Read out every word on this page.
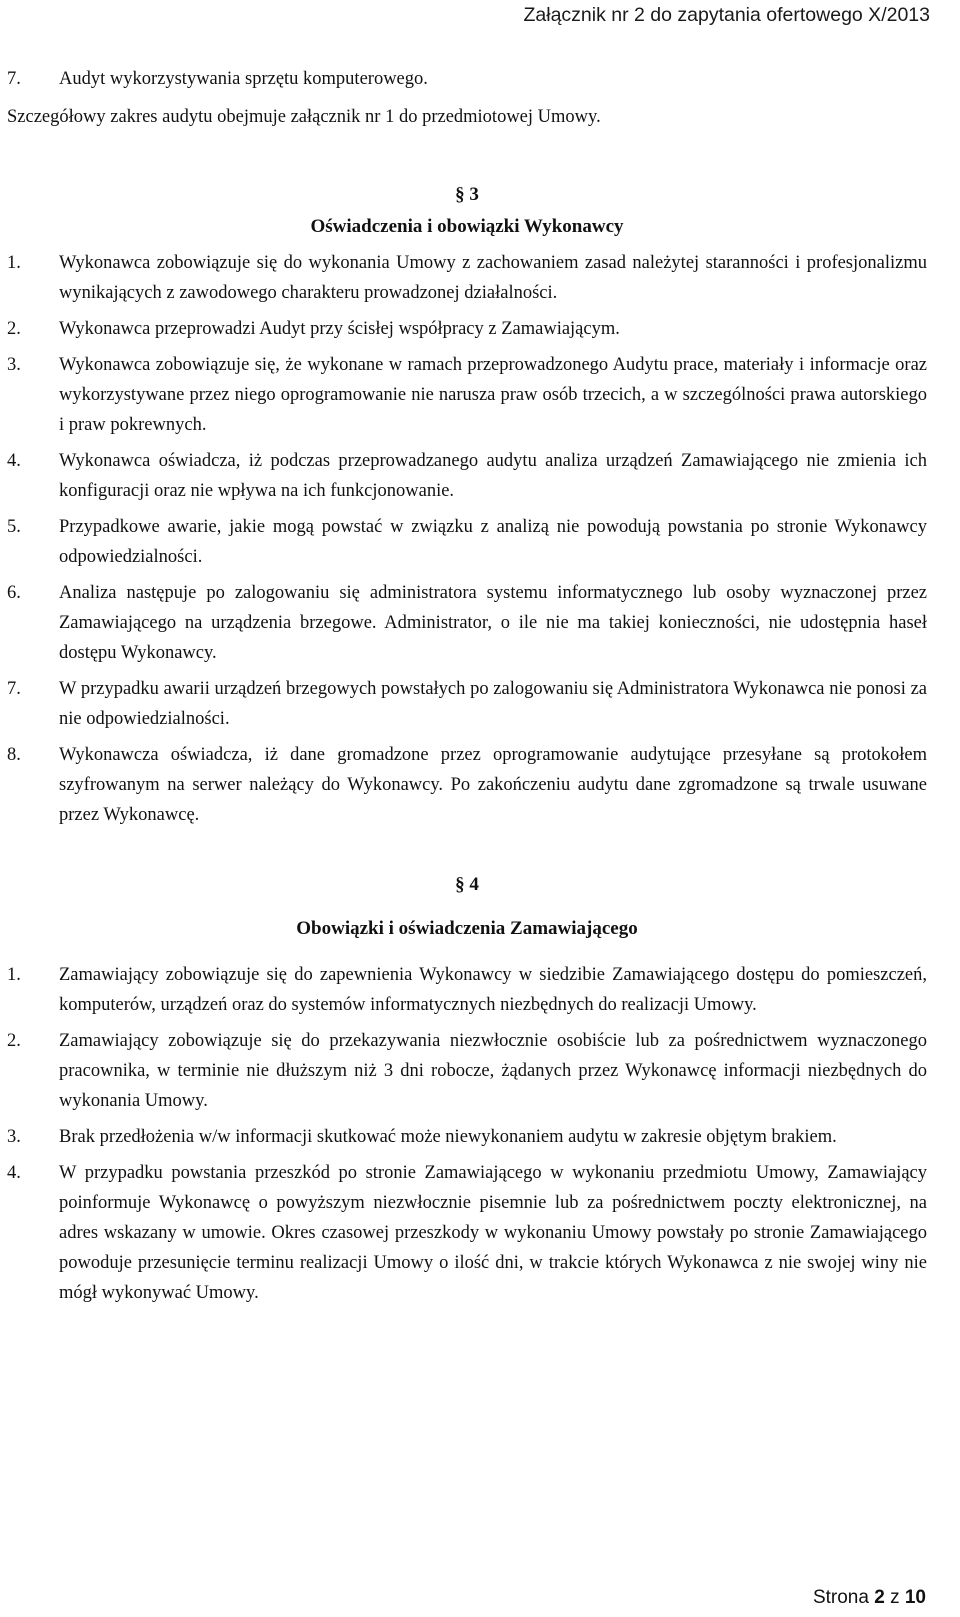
Załącznik nr 2 do zapytania ofertowego X/2013
7.	Audyt wykorzystywania sprzętu komputerowego.

Szczegółowy zakres audytu obejmuje załącznik nr 1 do przedmiotowej Umowy.

§ 3
Oświadczenia i obowiązki Wykonawcy
1.	Wykonawca zobowiązuje się do wykonania Umowy z zachowaniem zasad należytej staranności i profesjonalizmu wynikających z zawodowego charakteru prowadzonej działalności.
2.	Wykonawca przeprowadzi Audyt przy ścisłej współpracy z Zamawiającym.
3.	Wykonawca zobowiązuje się, że wykonane w ramach przeprowadzonego Audytu prace, materiały i informacje oraz wykorzystywane przez niego oprogramowanie nie narusza praw osób trzecich, a w szczególności prawa autorskiego i praw pokrewnych.
4.	Wykonawca oświadcza, iż podczas przeprowadzanego audytu analiza urządzeń Zamawiającego nie zmienia ich konfiguracji oraz nie wpływa na ich funkcjonowanie.
5.	Przypadkowe awarie, jakie mogą powstać w związku z analizą nie powodują powstania po stronie Wykonawcy odpowiedzialności.
6.	Analiza następuje po zalogowaniu się administratora systemu informatycznego lub osoby wyznaczonej przez Zamawiającego na urządzenia brzegowe. Administrator, o ile nie ma takiej konieczności, nie udostępnia haseł dostępu Wykonawcy.
7.	W przypadku awarii urządzeń brzegowych powstałych po zalogowaniu się Administratora Wykonawca nie ponosi za nie odpowiedzialności.
8.	Wykonawcza oświadcza, iż dane gromadzone przez oprogramowanie audytujące przesyłane są protokołem szyfrowanym na serwer należący do Wykonawcy. Po zakończeniu audytu dane zgromadzone są trwale usuwane przez Wykonawcę.
§ 4
Obowiązki i oświadczenia Zamawiającego
1.	Zamawiający zobowiązuje się do zapewnienia Wykonawcy w siedzibie Zamawiającego dostępu do pomieszczeń, komputerów, urządzeń oraz do systemów informatycznych niezbędnych do realizacji Umowy.
2.	Zamawiający zobowiązuje się do przekazywania niezwłocznie osobiście lub za pośrednictwem wyznaczonego pracownika, w terminie nie dłuższym niż 3 dni robocze, żądanych przez Wykonawcę informacji niezbędnych do wykonania Umowy.
3.	Brak przedłożenia w/w informacji skutkować może niewykonaniem audytu w zakresie objętym brakiem.
4.	W przypadku powstania przeszkód po stronie Zamawiającego w wykonaniu przedmiotu Umowy, Zamawiający poinformuje Wykonawcę o powyższym niezwłocznie pisemnie lub za pośrednictwem poczty elektronicznej, na adres wskazany w umowie. Okres czasowej przeszkody w wykonaniu Umowy powstały po stronie Zamawiającego powoduje przesunięcie terminu realizacji Umowy o ilość dni, w trakcie których Wykonawca z nie swojej winy nie mógł wykonywać Umowy.
Strona 2 z 10
